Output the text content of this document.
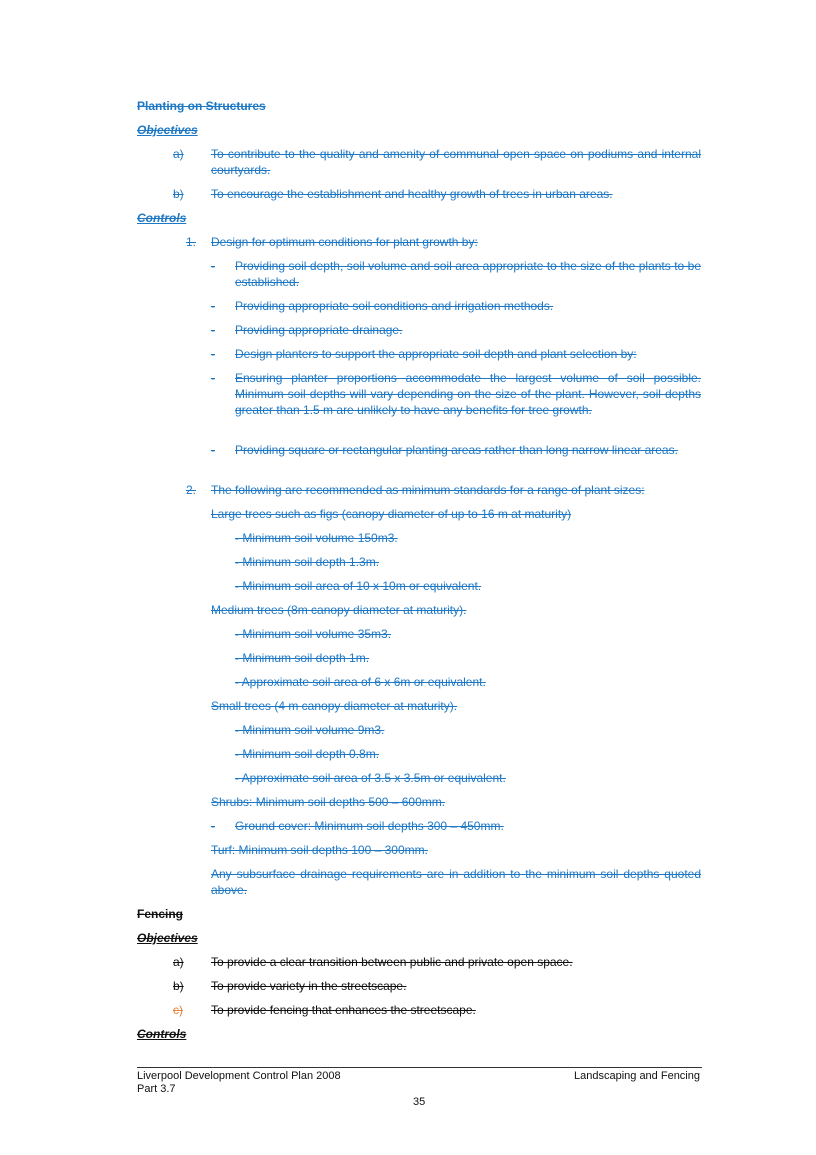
Planting on Structures
Objectives
a) To contribute to the quality and amenity of communal open space on podiums and internal courtyards.
b) To encourage the establishment and healthy growth of trees in urban areas.
Controls
1. Design for optimum conditions for plant growth by:
- Providing soil depth, soil volume and soil area appropriate to the size of the plants to be established.
- Providing appropriate soil conditions and irrigation methods.
- Providing appropriate drainage.
- Design planters to support the appropriate soil depth and plant selection by:
- Ensuring planter proportions accommodate the largest volume of soil possible. Minimum soil depths will vary depending on the size of the plant. However, soil depths greater than 1.5 m are unlikely to have any benefits for tree growth.
- Providing square or rectangular planting areas rather than long narrow linear areas.
2. The following are recommended as minimum standards for a range of plant sizes:
Large trees such as figs (canopy diameter of up to 16 m at maturity)
- Minimum soil volume 150m3.
- Minimum soil depth 1.3m.
- Minimum soil area of 10 x 10m or equivalent.
Medium trees (8m canopy diameter at maturity).
- Minimum soil volume 35m3.
- Minimum soil depth 1m.
- Approximate soil area of 6 x 6m or equivalent.
Small trees (4 m canopy diameter at maturity).
- Minimum soil volume 9m3.
- Minimum soil depth 0.8m.
- Approximate soil area of 3.5 x 3.5m or equivalent.
Shrubs: Minimum soil depths 500 – 600mm.
- Ground cover: Minimum soil depths 300 – 450mm.
Turf: Minimum soil depths 100 – 300mm.
Any subsurface drainage requirements are in addition to the minimum soil depths quoted above.
Fencing
Objectives
a) To provide a clear transition between public and private open space.
b) To provide variety in the streetscape.
c) To provide fencing that enhances the streetscape.
Controls
Liverpool Development Control Plan 2008
Part 3.7
Landscaping and Fencing
35
